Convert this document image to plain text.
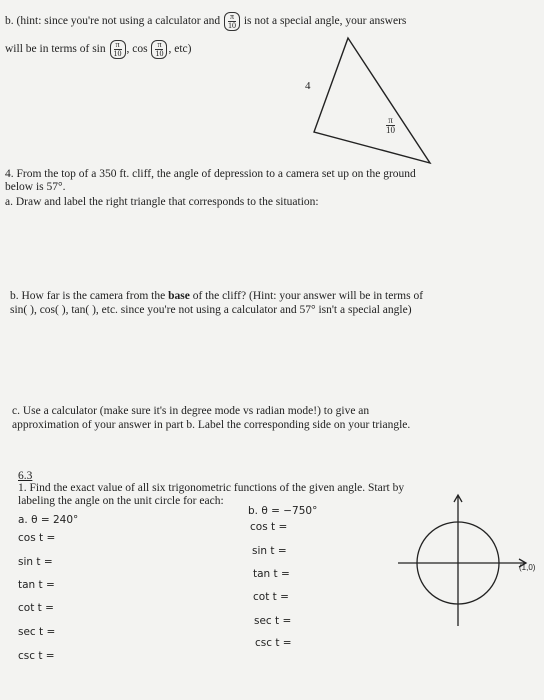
b. (hint: since you're not using a calculator and $\frac{\pi}{10}$ is not a special angle, your answers
will be in terms of $\sin \frac{\pi}{10}$ , $\cos \frac{\pi}{10}$ , etc)
4
$\frac{\pi}{10}$
4. From the top of a 350 ft. cliff, the angle of depression to a camera set up on the ground
below is 57°.
a. Draw and label the right triangle that corresponds to the situation:
b. How far is the camera from the base of the cliff? (Hint: your answer will be in terms of
sin( ), cos( ), tan( ), etc. since you're not using a calculator and 57° isn't a special angle)
c. Use a calculator (make sure it's in degree mode vs radian mode!) to give an
approximation of your answer in part b. Label the corresponding side on your triangle.
6.3
1. Find the exact value of all six trigonometric functions of the given angle. Start by
labeling the angle on the unit circle for each:
a. θ = 240°
b. θ = −750°
cos t =
sin t =
tan t =
cot t =
sec t =
csc t =
cos t =
sin t =
tan t =
cot t =
sec t =
csc t =
(1,0)
